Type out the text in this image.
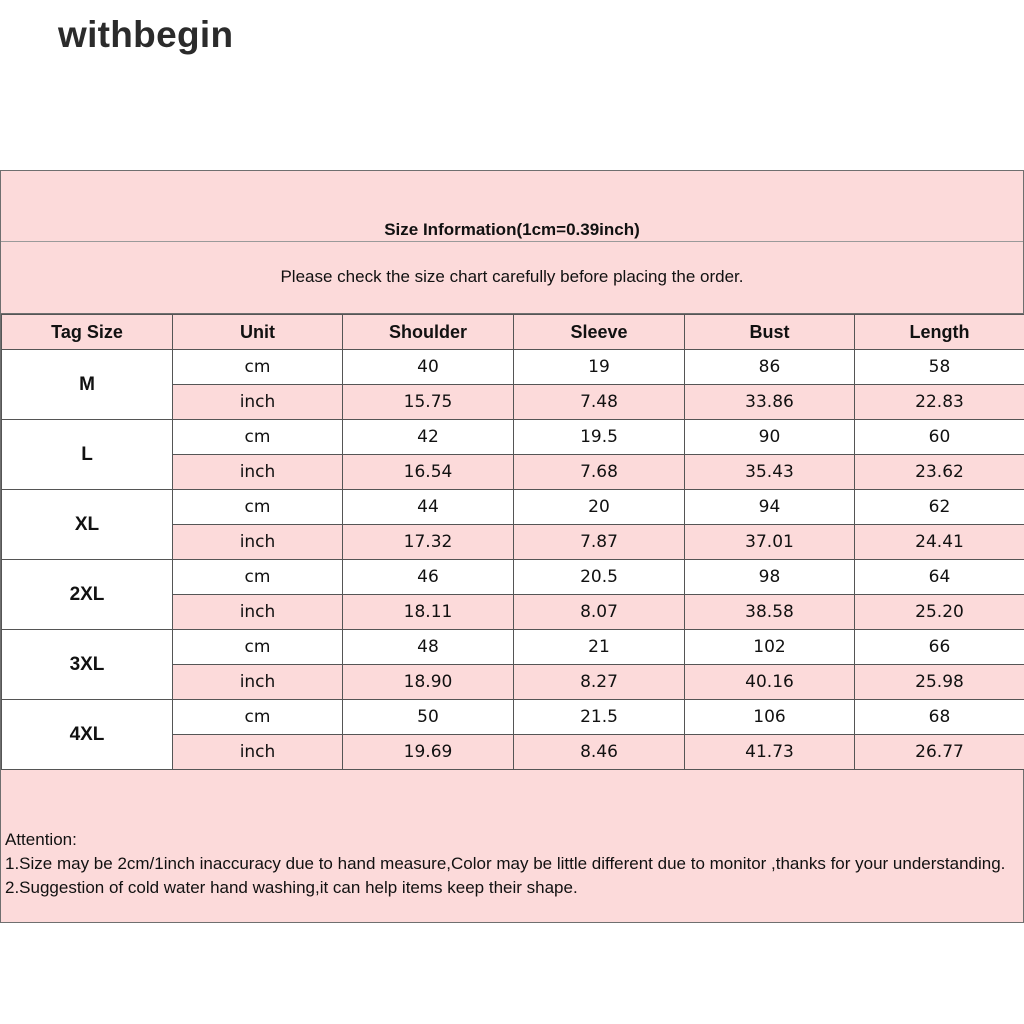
withbegin
Size Information(1cm=0.39inch)
Please check the size chart carefully before placing the order.
Tag Size	Unit	Shoulder	Sleeve	Bust	Length
M	cm	40	19	86	58
	inch	15.75	7.48	33.86	22.83
L	cm	42	19.5	90	60
	inch	16.54	7.68	35.43	23.62
XL	cm	44	20	94	62
	inch	17.32	7.87	37.01	24.41
2XL	cm	46	20.5	98	64
	inch	18.11	8.07	38.58	25.20
3XL	cm	48	21	102	66
	inch	18.90	8.27	40.16	25.98
4XL	cm	50	21.5	106	68
	inch	19.69	8.46	41.73	26.77
Attention:
1.Size may be 2cm/1inch inaccuracy due to hand measure,Color may be little different due to monitor ,thanks for your understanding.
2.Suggestion of cold water hand washing,it can help items keep their shape.
